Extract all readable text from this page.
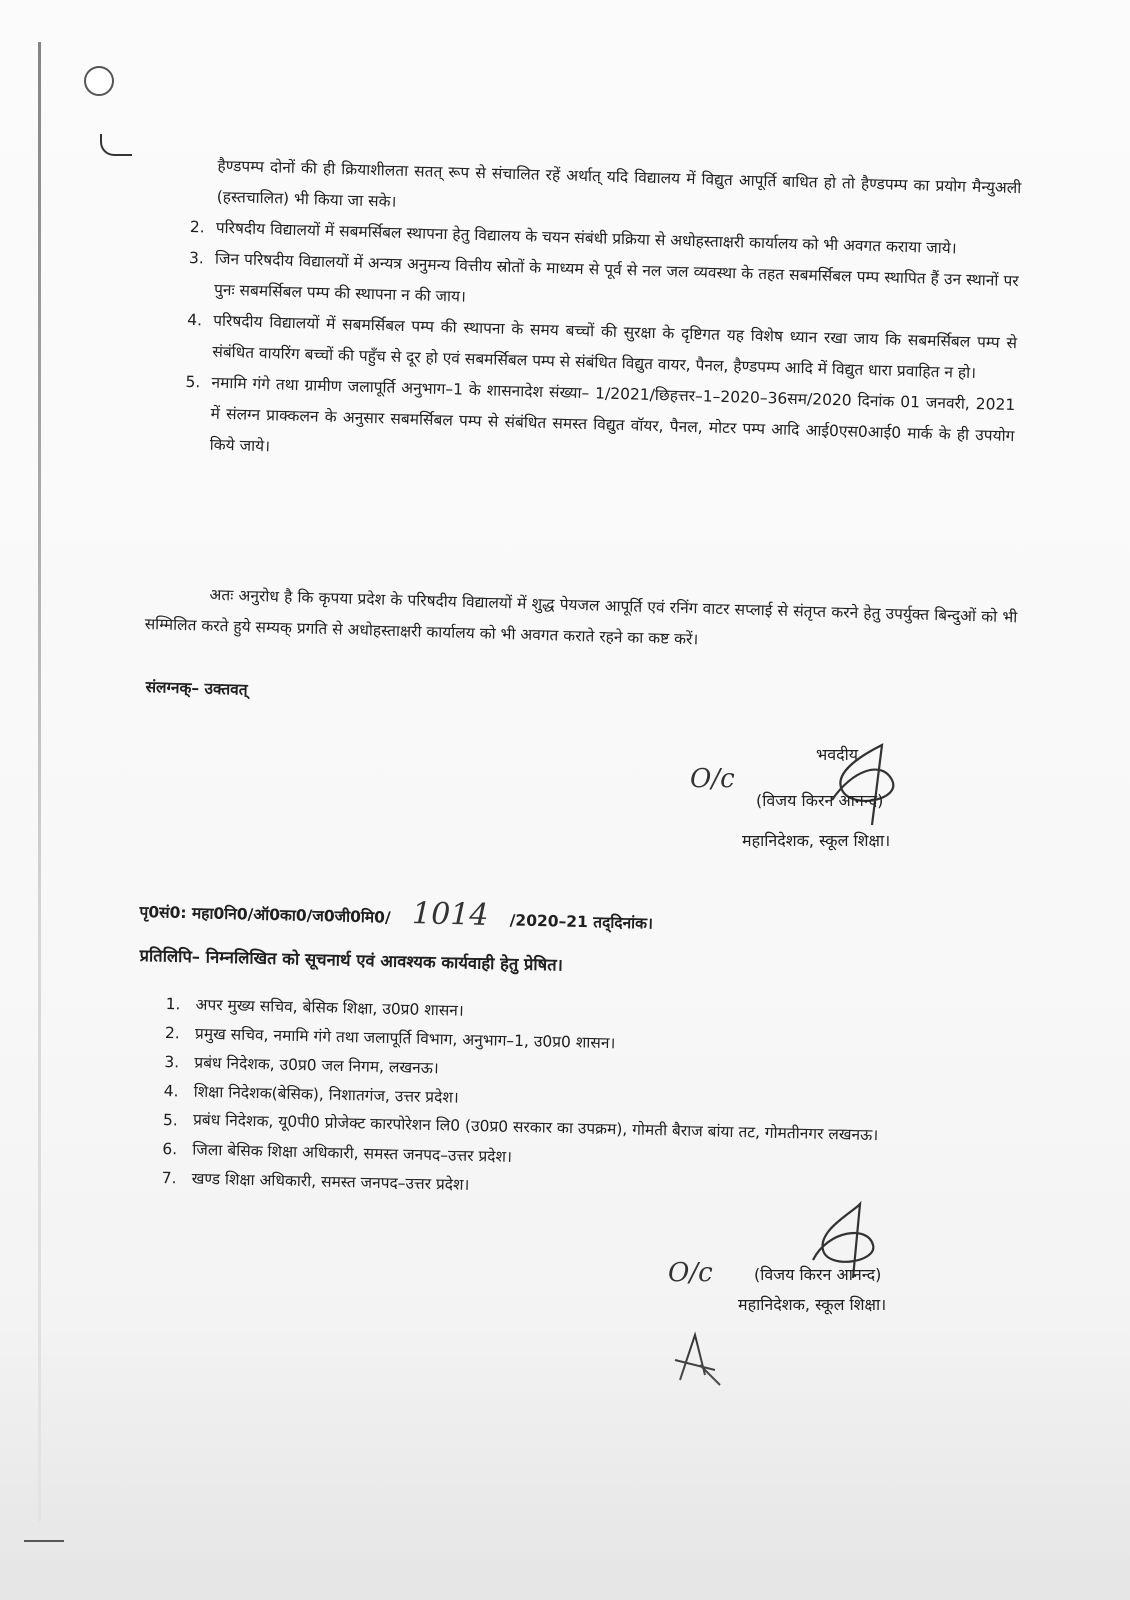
हैण्डपम्प दोनों की ही क्रियाशीलता सतत् रूप से संचालित रहें अर्थात् यदि विद्यालय में विद्युत आपूर्ति बाधित हो तो हैण्डपम्प का प्रयोग मैन्युअली (हस्तचालित) भी किया जा सके।
2. परिषदीय विद्यालयों में सबमर्सिबल स्थापना हेतु विद्यालय के चयन संबंधी प्रक्रिया से अधोहस्ताक्षरी कार्यालय को भी अवगत कराया जाये।
3. जिन परिषदीय विद्यालयों में अन्यत्र अनुमन्य वित्तीय स्रोतों के माध्यम से पूर्व से नल जल व्यवस्था के तहत सबमर्सिबल पम्प स्थापित हैं उन स्थानों पर पुनः सबमर्सिबल पम्प की स्थापना न की जाय।
4. परिषदीय विद्यालयों में सबमर्सिबल पम्प की स्थापना के समय बच्चों की सुरक्षा के दृष्टिगत यह विशेष ध्यान रखा जाय कि सबमर्सिबल पम्प से संबंधित वायरिंग बच्चों की पहुँच से दूर हो एवं सबमर्सिबल पम्प से संबंधित विद्युत वायर, पैनल, हैण्डपम्प आदि में विद्युत धारा प्रवाहित न हो।
5. नमामि गंगे तथा ग्रामीण जलापूर्ति अनुभाग–1 के शासनादेश संख्या– 1/2021/छिहत्तर–1–2020–36सम/2020 दिनांक 01 जनवरी, 2021 में संलग्न प्राक्कलन के अनुसार सबमर्सिबल पम्प से संबंधित समस्त विद्युत वॉयर, पैनल, मोटर पम्प आदि आई0एस0आई0 मार्क के ही उपयोग किये जाये।
अतः अनुरोध है कि कृपया प्रदेश के परिषदीय विद्यालयों में शुद्ध पेयजल आपूर्ति एवं रनिंग वाटर सप्लाई से संतृप्त करने हेतु उपर्युक्त बिन्दुओं को भी सम्मिलित करते हुये सम्यक् प्रगति से अधोहस्ताक्षरी कार्यालय को भी अवगत कराते रहने का कष्ट करें।
संलग्नक्– उक्तवत्
भवदीय
O/c
(विजय किरन आनन्द)
महानिदेशक, स्कूल शिक्षा।
पृ0सं0: महा0नि0/ऑ0का0/ज0जी0मि0/ 1014 /2020–21 तद्‌दिनांक।
प्रतिलिपि– निम्नलिखित को सूचनार्थ एवं आवश्यक कार्यवाही हेतु प्रेषित।
1. अपर मुख्य सचिव, बेसिक शिक्षा, उ0प्र0 शासन।
2. प्रमुख सचिव, नमामि गंगे तथा जलापूर्ति विभाग, अनुभाग–1, उ0प्र0 शासन।
3. प्रबंध निदेशक, उ0प्र0 जल निगम, लखनऊ।
4. शिक्षा निदेशक(बेसिक), निशातगंज, उत्तर प्रदेश।
5. प्रबंध निदेशक, यू0पी0 प्रोजेक्ट कारपोरेशन लि0 (उ0प्र0 सरकार का उपक्रम), गोमती बैराज बांया तट, गोमतीनगर लखनऊ।
6. जिला बेसिक शिक्षा अधिकारी, समस्त जनपद–उत्तर प्रदेश।
7. खण्ड शिक्षा अधिकारी, समस्त जनपद–उत्तर प्रदेश।
O/c	(विजय किरन आनन्द)
महानिदेशक, स्कूल शिक्षा।
